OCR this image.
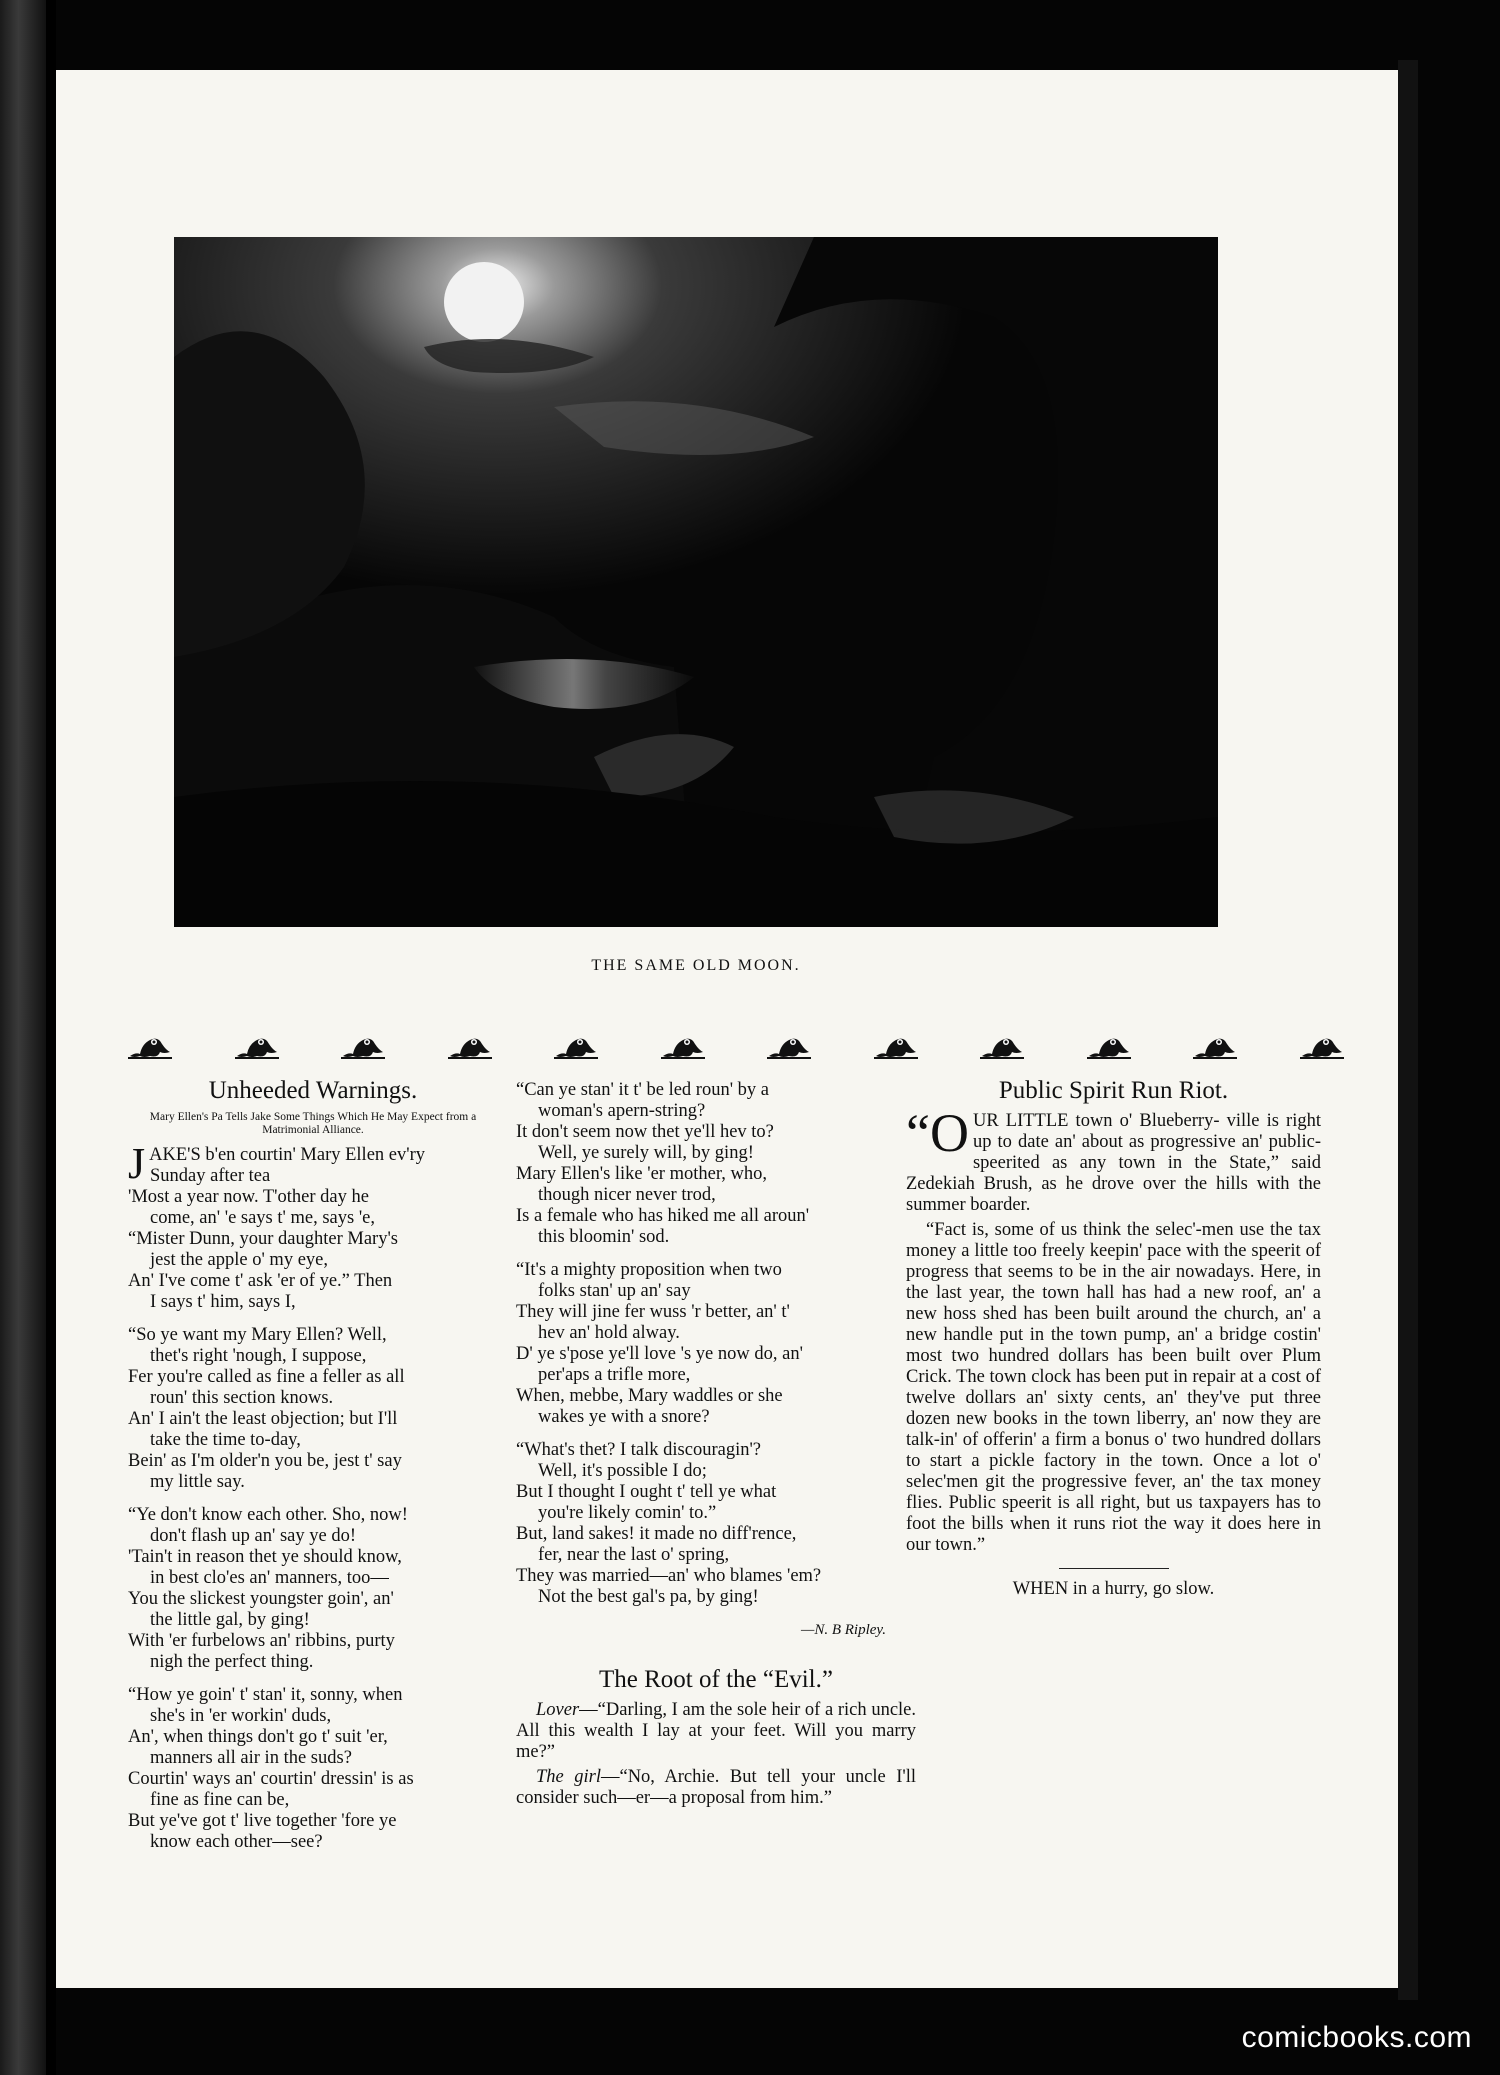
THE SAME OLD MOON.
Unheeded Warnings.
Mary Ellen's Pa Tells Jake Some Things Which He May Expect from a Matrimonial Alliance.
J AKE'S b'en courtin' Mary Ellen ev'ry
Sunday after tea
'Most a year now. T'other day he
come, an' 'e says t' me, says 'e,
“Mister Dunn, your daughter Mary's
jest the apple o' my eye,
An' I've come t' ask 'er of ye.” Then
I says t' him, says I,
“So ye want my Mary Ellen? Well,
thet's right 'nough, I suppose,
Fer you're called as fine a feller as all
roun' this section knows.
An' I ain't the least objection; but I'll
take the time to-day,
Bein' as I'm older'n you be, jest t' say
my little say.
“Ye don't know each other. Sho, now!
don't flash up an' say ye do!
'Tain't in reason thet ye should know,
in best clo'es an' manners, too—
You the slickest youngster goin', an'
the little gal, by ging!
With 'er furbelows an' ribbins, purty
nigh the perfect thing.
“How ye goin' t' stan' it, sonny, when
she's in 'er workin' duds,
An', when things don't go t' suit 'er,
manners all air in the suds?
Courtin' ways an' courtin' dressin' is as
fine as fine can be,
But ye've got t' live together 'fore ye
know each other—see?
“Can ye stan' it t' be led roun' by a
woman's apern-string?
It don't seem now thet ye'll hev to?
Well, ye surely will, by ging!
Mary Ellen's like 'er mother, who,
though nicer never trod,
Is a female who has hiked me all aroun'
this bloomin' sod.
“It's a mighty proposition when two
folks stan' up an' say
They will jine fer wuss 'r better, an' t'
hev an' hold alway.
D' ye s'pose ye'll love 's ye now do, an'
per'aps a trifle more,
When, mebbe, Mary waddles or she
wakes ye with a snore?
“What's thet? I talk discouragin'?
Well, it's possible I do;
But I thought I ought t' tell ye what
you're likely comin' to.”
But, land sakes! it made no diff'rence,
fer, near the last o' spring,
They was married—an' who blames 'em?
Not the best gal's pa, by ging!
—N. B Ripley.
The Root of the “Evil.”

Lover—“Darling, I am the sole heir of a rich uncle. All this wealth I lay at your feet. Will you marry me?”

The girl—“No, Archie. But tell your uncle I'll consider such—er—a proposal from him.”

Public Spirit Run Riot.

“OUR LITTLE town o' Blueberry- ville is right up to date an' about as progressive an' public-speerited as any town in the State,” said Zedekiah Brush, as he drove over the hills with the summer boarder.

“Fact is, some of us think the selec'-men use the tax money a little too freely keepin' pace with the speerit of progress that seems to be in the air nowadays. Here, in the last year, the town hall has had a new roof, an' a new hoss shed has been built around the church, an' a new handle put in the town pump, an' a bridge costin' most two hundred dollars has been built over Plum Crick. The town clock has been put in repair at a cost of twelve dollars an' sixty cents, an' they've put three dozen new books in the town liberry, an' now they are talk-in' of offerin' a firm a bonus o' two hundred dollars to start a pickle factory in the town. Once a lot o' selec'men git the progressive fever, an' the tax money flies. Public speerit is all right, but us taxpayers has to foot the bills when it runs riot the way it does here in our town.”

WHEN in a hurry, go slow.
comicbooks.com
